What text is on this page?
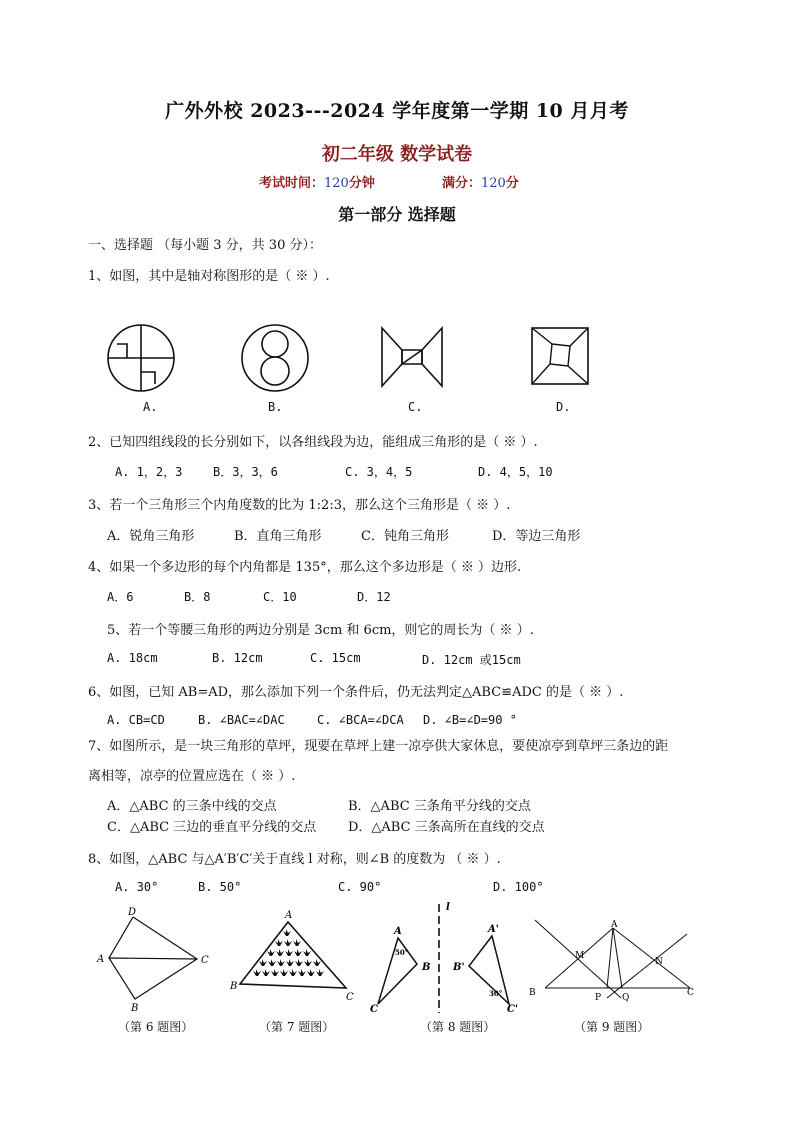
广外外校 2023---2024 学年度第一学期 10 月月考
初二年级 数学试卷
考试时间：120分钟	满分：120分
第一部分 选择题
一、选择题 （每小题 3 分，共 30 分）：
1、如图，其中是轴对称图形的是（ ※ ）.
A.	B.	C.	D.
2、已知四组线段的长分别如下，以各组线段为边，能组成三角形的是（ ※ ）.
A. 1，2，3	B．3，3，6	C. 3，4，5	D. 4，5，10
3、若一个三角形三个内角度数的比为 1:2:3，那么这个三角形是（ ※ ）.
A．锐角三角形	B．直角三角形	C．钝角三角形	D．等边三角形
4、如果一个多边形的每个内角都是 135°，那么这个多边形是（ ※ ）边形.
A．6	B．8	C．10	D．12
5、若一个等腰三角形的两边分别是 3cm 和 6cm，则它的周长为（ ※ ）.
A. 18cm	B. 12cm	C. 15cm	D. 12cm 或15cm
6、如图，已知 AB=AD，那么添加下列一个条件后，仍无法判定△ABC≌ADC 的是（ ※ ）.
A. CB=CD	B. ∠BAC=∠DAC	C. ∠BCA=∠DCA D. ∠B=∠D=90 °
7、如图所示，是一块三角形的草坪，现要在草坪上建一凉亭供大家休息，要使凉亭到草坪三条边的距
离相等，凉亭的位置应选在（ ※ ）.
A．△ABC 的三条中线的交点	B．△ABC 三条角平分线的交点
C．△ABC 三边的垂直平分线的交点 D．△ABC 三条高所在直线的交点
8、如图，△ABC 与△A′B′C′关于直线 l 对称，则∠B 的度数为 （ ※ ）.
A. 30°	B. 50°	C. 90°	D. 100°
D
A	C
B
A
B
C
A
B
C
50°
l
A'
B'
C'
30°
A
M
N
B	P Q	C
（第 6 题图）	（第 7 题图）	（第 8 题图）	（第 9 题图）
